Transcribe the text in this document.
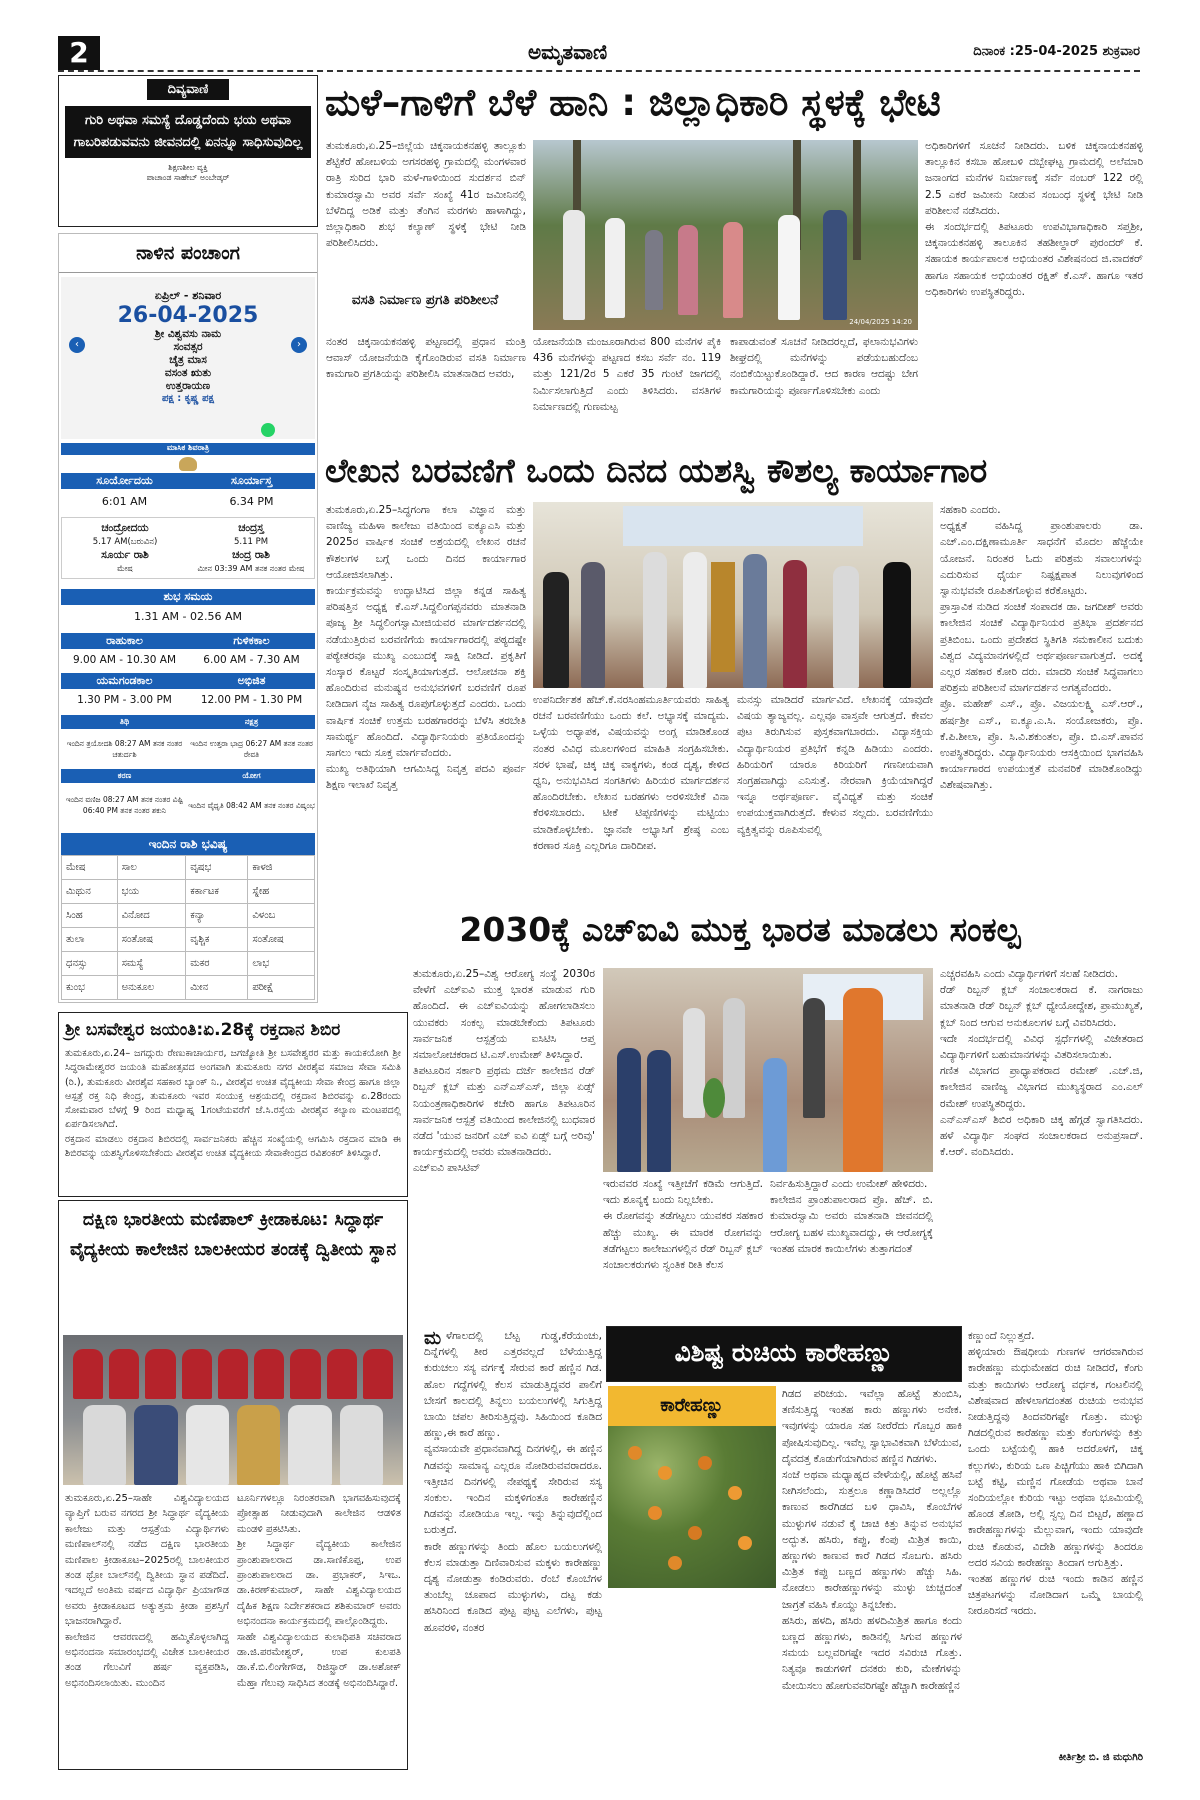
2	ಅಮೃತವಾಣಿ	ದಿನಾಂಕ :25-04-2025 ಶುಕ್ರವಾರ
ದಿವ್ಯವಾಣಿ
ಗುರಿ ಅಥವಾ ಸಮಸ್ಯೆ ದೊಡ್ಡದೆಂದು ಭಯ ಅಥವಾ ಗಾಬರಿಪಡುವವನು ಜೀವನದಲ್ಲಿ ಏನನ್ನೂ ಸಾಧಿಸುವುದಿಲ್ಲ
ಶಿಕ್ಷಣಶೀಲ ವ್ಯಕ್ತಿ
ಪಾಚಾಂಡ ಸಾಹೇಬ್ ಅಂಬೇಡ್ಕರ್
ನಾಳಿನ ಪಂಚಾಂಗ
ಏಪ್ರಿಲ್ - ಶನಿವಾರ
26-04-2025
ಶ್ರೀ ವಿಶ್ವವಸು ನಾಮ
ಸಂವತ್ಸರ
ಚೈತ್ರ ಮಾಸ
ವಸಂತ ಋತು
ಉತ್ತರಾಯಣ
ಪಕ್ಷ : ಕೃಷ್ಣ ಪಕ್ಷ
‹	›
ಮಾಸಿಕ ಶಿವರಾತ್ರಿ
ಸೂರ್ಯೋದಯ	ಸೂರ್ಯಾಸ್ತ
6:01 AM	6.34 PM
ಚಂದ್ರೋದಯ	ಚಂದ್ರಸ್ತ
5.17 AM(ಬರುವಿನ)	5.11 PM
ಸೂರ್ಯ ರಾಶಿ	ಚಂದ್ರ ರಾಶಿ
ಮೇಷ	ಮೀನ 03:39 AM ತನಕ ನಂತರ ಮೇಷ
ಶುಭ ಸಮಯ
1.31 AM - 02.56 AM
ರಾಹುಕಾಲ	ಗುಳಿಕಕಾಲ
9.00 AM - 10.30 AM	6.00 AM - 7.30 AM
ಯಮಗಂಡಕಾಲ	ಅಭಿಜಿತ
1.30 PM - 3.00 PM	12.00 PM - 1.30 PM
ತಿಥಿ	ನಕ್ಷತ್ರ
ಇಂದಿನ ತ್ರಯೋದಶಿ 08:27 AM ತನಕ ನಂತರ ಚತುರ್ದಶಿ
ಇಂದಿನ ಉತ್ತರಾ ಭಾದ್ರ 06:27 AM ತನಕ ನಂತರ ರೇವತಿ
ಕರಣ	ಯೋಗ
ಇಂದಿನ ವಣಿಜ 08:27 AM ತನಕ ನಂತರ ವಿಷ್ಟಿ 06:40 PM ತನಕ ನಂತರ ಶಕುನಿ
ಇಂದಿನ ವೈಧೃತಿ 08:42 AM ತನಕ ನಂತರ ವಿಷ್ಕಂಭ
ಇಂದಿನ ರಾಶಿ ಭವಿಷ್ಯ
ಮೇಷ	ಸಾಲ	ವೃಷಭ	ಕಾಳಜಿ
ಮಿಥುನ	ಭಯ	ಕರ್ಕಾಟಕ	ಸ್ನೇಹ
ಸಿಂಹ	ವಿನೋದ	ಕನ್ಯಾ	ವಿಳಂಬ
ತುಲಾ	ಸಂತೋಷ	ವೃಶ್ಚಿಕ	ಸಂತೋಷ
ಧನಸ್ಸು	ಸಮಸ್ಯೆ	ಮಕರ	ಲಾಭ
ಕುಂಭ	ಅನುಕೂಲ	ಮೀನ	ಪರೀಕ್ಷೆ
ಮಳೆ–ಗಾಳಿಗೆ ಬೆಳೆ ಹಾನಿ : ಜಿಲ್ಲಾಧಿಕಾರಿ ಸ್ಥಳಕ್ಕೆ ಭೇಟಿ
ತುಮಕೂರು,ಏ.25–ಜಿಲ್ಲೆಯ ಚಿಕ್ಕನಾಯಕನಹಳ್ಳಿ ತಾಲ್ಲೂಕು ಶೆಟ್ಟಿಕೆರೆ ಹೋಬಳಿಯ ಅಗಸರಹಳ್ಳಿ ಗ್ರಾಮದಲ್ಲಿ ಮಂಗಳವಾರ ರಾತ್ರಿ ಸುರಿದ ಭಾರಿ ಮಳೆ-ಗಾಳಿಯಿಂದ ಸುದರ್ಶನ ಬಿನ್ ಕುಮಾರಸ್ವಾಮಿ ಅವರ ಸರ್ವೆ ಸಂಖ್ಯೆ 41ರ ಜಮೀನಿನಲ್ಲಿ ಬೆಳೆದಿದ್ದ ಅಡಿಕೆ ಮತ್ತು ತೆಂಗಿನ ಮರಗಳು ಹಾಳಾಗಿದ್ದು, ಜಿಲ್ಲಾಧಿಕಾರಿ ಶುಭ ಕಲ್ಯಾಣ್ ಸ್ಥಳಕ್ಕೆ ಭೇಟಿ ನೀಡಿ ಪರಿಶೀಲಿಸಿದರು.
ವಸತಿ ನಿರ್ಮಾಣ ಪ್ರಗತಿ ಪರಿಶೀಲನೆ
ನಂತರ ಚಿಕ್ಕನಾಯಕನಹಳ್ಳಿ ಪಟ್ಟಣದಲ್ಲಿ ಪ್ರಧಾನ ಮಂತ್ರಿ ಆವಾಸ್ ಯೋಜನೆಯಡಿ ಕೈಗೊಂಡಿರುವ ವಸತಿ ನಿರ್ಮಾಣ ಕಾಮಗಾರಿ ಪ್ರಗತಿಯನ್ನು ಪರಿಶೀಲಿಸಿ ಮಾತನಾಡಿದ ಅವರು,
24/04/2025 14:20
ಯೋಜನೆಯಡಿ ಮಂಜೂರಾಗಿರುವ 800 ಮನೆಗಳ ಪೈಕಿ 436 ಮನೆಗಳನ್ನು ಪಟ್ಟಣದ ಕಸಬ ಸರ್ವೆ ನಂ. 119 ಮತ್ತು 121/2ರ 5 ಎಕರೆ 35 ಗುಂಟೆ ಜಾಗದಲ್ಲಿ ನಿರ್ಮಿಸಲಾಗುತ್ತಿದೆ ಎಂದು ತಿಳಿಸಿದರು. ವಸತಿಗಳ ನಿರ್ಮಾಣದಲ್ಲಿ ಗುಣಮಟ್ಟ
ಕಾಪಾಡುವಂತೆ ಸೂಚನೆ ನೀಡಿದರಲ್ಲದೆ, ಫಲಾನುಭವಿಗಳು ಶೀಘ್ರದಲ್ಲಿ ಮನೆಗಳನ್ನು ಪಡೆಯಬಹುದೆಂಬ ನಂಬಿಕೆಯಿಟ್ಟುಕೊಂಡಿದ್ದಾರೆ. ಆದ ಕಾರಣ ಆದಷ್ಟು ಬೇಗ ಕಾಮಗಾರಿಯನ್ನು ಪೂರ್ಣಗೊಳಿಸಬೇಕು ಎಂದು
ಅಧಿಕಾರಿಗಳಿಗೆ ಸೂಚನೆ ನೀಡಿದರು. ಬಳಿಕ ಚಿಕ್ಕನಾಯಕನಹಳ್ಳಿ ತಾಲ್ಲೂಕಿನ ಕಸಬಾ ಹೋಬಳಿ ದಬ್ಬೇಘಟ್ಟ ಗ್ರಾಮದಲ್ಲಿ ಅಲೆಮಾರಿ ಜನಾಂಗದ ಮನೆಗಳ ನಿರ್ಮಾಣಕ್ಕೆ ಸರ್ವೆ ನಂಬರ್ 122 ರಲ್ಲಿ 2.5 ಎಕರೆ ಜಮೀನು ನೀಡುವ ಸಂಬಂಧ ಸ್ಥಳಕ್ಕೆ ಭೇಟಿ ನೀಡಿ ಪರಿಶೀಲನೆ ನಡೆಸಿದರು.
ಈ ಸಂದರ್ಭದಲ್ಲಿ ತಿಪಟೂರು ಉಪವಿಭಾಗಾಧಿಕಾರಿ ಸಪ್ತಶ್ರೀ, ಚಿಕ್ಕನಾಯಕನಹಳ್ಳಿ ತಾಲೂಕಿನ ತಹಶೀಲ್ದಾರ್ ಪುರಂದರ್ ಕೆ. ಸಹಾಯಕ ಕಾರ್ಯಪಾಲಕ ಅಭಿಯಂತರ ವಿಶೇಷನಂದ ಜಿ.ವಾದಕರ್ ಹಾಗೂ ಸಹಾಯಕ ಅಭಿಯಂತರ ರಕ್ಷಿತ್ ಕೆ.ಎಸ್. ಹಾಗೂ ಇತರ ಅಧಿಕಾರಿಗಳು ಉಪಸ್ಥಿತರಿದ್ದರು.
ಲೇಖನ ಬರವಣಿಗೆ ಒಂದು ದಿನದ ಯಶಸ್ವಿ ಕೌಶಲ್ಯ ಕಾರ್ಯಾಗಾರ
ತುಮಕೂರು,ಏ.25–ಸಿದ್ಧಗಂಗಾ ಕಲಾ ವಿಜ್ಞಾನ ಮತ್ತು ವಾಣಿಜ್ಯ ಮಹಿಳಾ ಕಾಲೇಜು ವತಿಯಿಂದ ಐಕ್ಯೂಎಸಿ ಮತ್ತು 2025ರ ವಾರ್ಷಿಕ ಸಂಚಿಕೆ ಅಶ್ರಯದಲ್ಲಿ ಲೇಖನ ರಚನೆ ಕೌಶಲಗಳ ಬಗ್ಗೆ ಒಂದು ದಿನದ ಕಾರ್ಯಾಗಾರ ಆಯೋಜಿಸಲಾಗಿತ್ತು.
ಕಾರ್ಯಕ್ರಮವನ್ನು ಉದ್ಘಾಟಿಸಿದ ಜಿಲ್ಲಾ ಕನ್ನಡ ಸಾಹಿತ್ಯ ಪರಿಷತ್ತಿನ ಅಧ್ಯಕ್ಷ ಕೆ.ಎಸ್.ಸಿದ್ದಲಿಂಗಪ್ಪನವರು ಮಾತನಾಡಿ ಪೂಜ್ಯ ಶ್ರೀ ಸಿದ್ಧಲಿಂಗಸ್ವಾಮೀಜಿಯವರ ಮಾರ್ಗದರ್ಶನದಲ್ಲಿ ನಡೆಯುತ್ತಿರುವ ಬರವಣಿಗೆಯ ಕಾರ್ಯಾಗಾರದಲ್ಲಿ ಪಠ್ಯದಷ್ಟೇ ಪಠ್ಯೇತರವೂ ಮುಖ್ಯ ಎಂಬುದಕ್ಕೆ ಸಾಕ್ಷಿ ನೀಡಿದೆ. ಪ್ರಕೃತಿಗೆ ಸಂಸ್ಕಾರ ಕೊಟ್ಟರೆ ಸಂಸ್ಕೃತಿಯಾಗುತ್ತದೆ. ಆಲೋಚನಾ ಶಕ್ತಿ ಹೊಂದಿರುವ ಮನುಷ್ಯನ ಅನುಭವಗಳಿಗೆ ಬರವಣಿಗೆ ರೂಪ ನೀಡಿದಾಗ ನೈಜ ಸಾಹಿತ್ಯ ರೂಪುಗೊಳ್ಳುತ್ತದೆ ಎಂದರು. ಒಂದು ವಾರ್ಷಿಕ ಸಂಚಿಕೆ ಉತ್ತಮ ಬರಹಗಾರರನ್ನು ಬೆಳೆಸಿ ತರಬೇತಿ ಸಾಮರ್ಥ್ಯ ಹೊಂದಿದೆ. ವಿದ್ಯಾರ್ಥಿನಿಯರು ಪ್ರತಿಯೊಂದನ್ನು ಸಾಗಲು ಇದು ಸೂಕ್ತ ಮಾರ್ಗವೆಂದರು.
ಮುಖ್ಯ ಅತಿಥಿಯಾಗಿ ಆಗಮಿಸಿದ್ದ ನಿವೃತ್ತ ಪದವಿ ಪೂರ್ವ ಶಿಕ್ಷಣ ಇಲಾಖೆ ನಿವೃತ್ತ
ಉಪನಿರ್ದೇಶಕ ಹೆಚ್.ಕೆ.ನರಸಿಂಹಮೂರ್ತಿಯವರು ಸಾಹಿತ್ಯ ರಚನೆ ಬರವಣಿಗೆಯು ಒಂದು ಕಲೆ. ಅಭ್ಯಾಸಕ್ಕೆ ಮಾದ್ಯಮ. ಒಳ್ಳೆಯ ಅಧ್ಯಾಪಕ, ವಿಷಯವನ್ನು ಅಂಗ್ಲ ಮಾಡಿಕೊಂಡ ನಂತರ ವಿವಿಧ ಮೂಲಗಳಿಂದ ಮಾಹಿತಿ ಸಂಗ್ರಹಿಸಬೇಕು. ಸರಳ ಭಾಷೆ, ಚಿಕ್ಕ ಚಿಕ್ಕ ವಾಕ್ಯಗಳು, ಕಂಡ ದೃಶ್ಯ, ಕೇಳಿದ ಧ್ವನಿ, ಅನುಭವಿಸಿದ ಸಂಗತಿಗಳು ಹಿರಿಯರ ಮಾರ್ಗದರ್ಶನ ಹೊಂದಿರಬೇಕು. ಲೇಖನ ಬರಹಗಳು ಅರಳಿಸಬೇಕೆ ವಿನಾ ಕೆರಳಿಸಬಾರದು. ಟೀಕೆ ಟಿಪ್ಪಣಿಗಳನ್ನು ಮಟ್ಟಿಯು ಮಾಡಿಕೊಳ್ಳಬೇಕು. ಜ್ಞಾನವೇ ಅಭ್ಯಾಸಿಗೆ ಶ್ರೇಷ್ಠ ಎಂಬ ಕರಣಾರ ಸೂಕ್ತಿ ಎಲ್ಲರಿಗೂ ದಾರಿದೀಪ.
ಮನಸ್ಸು ಮಾಡಿದರೆ ಮಾರ್ಗವಿದೆ. ಲೇಖನಕ್ಕೆ ಯಾವುದೇ ವಿಷಯ ತ್ಯಾಜ್ಯವಲ್ಲ. ಎಲ್ಲವೂ ವಾಸ್ತವೇ ಆಗುತ್ತದೆ. ಕೇವಲ ಪುಟ ತಿರುಗಿಸುವ ಪುಸ್ತಕವಾಗಬಾರದು. ವಿದ್ಯಾಸಕ್ತಿಯ ವಿದ್ಯಾರ್ಥಿನಿಯರ ಪ್ರತಿಭೆಗೆ ಕನ್ನಡಿ ಹಿಡಿಯು ಎಂದರು. ಹಿರಿಯರಿಗೆ ಯಾರೂ ಕಿರಿಯರಿಗೆ ಗಣನೀಯವಾಗಿ ಸಂಗ್ರಹವಾಗಿದ್ದು ಎನಿಸುತ್ತೆ. ನೇರವಾಗಿ ಕ್ರಿಯೆಯಾಗಿದ್ದರೆ ಇನ್ನೂ ಅರ್ಥಪೂರ್ಣ. ವೈವಿಧ್ಯತೆ ಮತ್ತು ಸಂಚಿಕೆ ಉಪಯುಕ್ತವಾಗಿರುತ್ತದೆ. ಕೇಳುವ ಸಲ್ಲದು. ಬರವಣಿಗೆಯು ವ್ಯಕ್ತಿತ್ವವನ್ನು ರೂಪಿಸುವಲ್ಲಿ
ಸಹಕಾರಿ ಎಂದರು.
ಅಧ್ಯಕ್ಷತೆ ವಹಿಸಿದ್ದ ಪ್ರಾಂಶುಪಾಲರು ಡಾ. ಎಚ್.ಎಂ.ದಕ್ಷಿಣಾಮೂರ್ತಿ ಸಾಧನೆಗೆ ಮೊದಲ ಹೆಜ್ಜೆಯೇ ಯೋಜನೆ. ನಿರಂತರ ಓದು ಪರಿಶ್ರಮ ಸವಾಲುಗಳನ್ನು ಎದುರಿಸುವ ಧೈರ್ಯ ನಿಷ್ಪಕ್ಷಪಾತ ನಿಲುವುಗಳಿಂದ ಸ್ವಾನುಭವವೇ ರೂಪಿತಗೊಳ್ಳುವ ಕರೆಕೊಟ್ಟರು.
ಪ್ರಾಸ್ತಾವಿಕ ನುಡಿದ ಸಂಚಿಕೆ ಸಂಪಾದಕ ಡಾ. ಜಗದೀಶ್ ಅವರು ಕಾಲೇಜಿನ ಸಂಚಿಕೆ ವಿದ್ಯಾರ್ಥಿನಿಯರ ಪ್ರತಿಭಾ ಪ್ರದರ್ಶನದ ಪ್ರತಿಬಿಂಬ. ಒಂದು ಪ್ರದೇಶದ ಸ್ಥಿತಿಗತಿ ಸಮಕಾಲೀನ ಬದುಕು ವಿಶ್ವದ ವಿದ್ಯಮಾನಗಳಲ್ಲಿದೆ ಅರ್ಥಪೂರ್ಣವಾಗುತ್ತದೆ. ಅದಕ್ಕೆ ಎಲ್ಲರ ಸಹಕಾರ ಕೋರಿ ದರು. ಮಾದರಿ ಸಂಚಿಕೆ ಸಿದ್ಧವಾಗಲು ಪರಿಶ್ರಮ ಪರಿಶೀಲನೆ ಮಾರ್ಗದರ್ಶನ ಅಗತ್ಯವೆಂದರು.
ಪ್ರೊ. ಮಹೇಶ್ ಎಸ್., ಪ್ರೊ. ವಿಜಯಲಕ್ಷ್ಮಿ ಎಸ್.ಆರ್., ಹರ್ಷಶ್ರೀ ಎಸ್., ಐ.ಕ್ಯೂ.ಎ.ಸಿ. ಸಂಯೋಜಕರು, ಪ್ರೊ. ಕೆ.ಪಿ.ಶೀಲಾ, ಪ್ರೊ. ಸಿ.ವಿ.ಶಕುಂತಲ, ಪ್ರೊ. ಬಿ.ಎಸ್.ಪಾವನ ಉಪಸ್ಥಿತರಿದ್ದರು. ವಿದ್ಯಾರ್ಥಿನಿಯರು ಆಸಕ್ತಿಯಿಂದ ಭಾಗವಹಿಸಿ ಕಾರ್ಯಾಗಾರದ ಉಪಯುಕ್ತತೆ ಮನವರಿಕೆ ಮಾಡಿಕೊಂಡಿದ್ದು ವಿಶೇಷವಾಗಿತ್ತು.
2030ಕ್ಕೆ ಎಚ್‌ಐವಿ ಮುಕ್ತ ಭಾರತ ಮಾಡಲು ಸಂಕಲ್ಪ
ತುಮಕೂರು,ಏ.25–ವಿಶ್ವ ಆರೋಗ್ಯ ಸಂಸ್ಥೆ 2030ರ ವೇಳೆಗೆ ಎಚ್‌ಐವಿ ಮುಕ್ತ ಭಾರತ ಮಾಡುವ ಗುರಿ ಹೊಂದಿದೆ. ಈ ಎಚ್‌ಐವಿಯನ್ನು ಹೋಗಲಾಡಿಸಲು ಯುವಕರು ಸಂಕಲ್ಪ ಮಾಡಬೇಕೆಂದು ತಿಪಟೂರು ಸಾರ್ವಜನಿಕ ಆಸ್ಪತ್ರೆಯ ಐಸಿಟಿಸಿ ಆಪ್ತ ಸಮಾಲೋಚಕರಾದ ಟಿ.ಎಸ್.ಉಮೇಶ್ ತಿಳಿಸಿದ್ದಾರೆ.
ತಿಪಟೂರಿನ ಸರ್ಕಾರಿ ಪ್ರಥಮ ದರ್ಜೆ ಕಾಲೇಜಿನ ರೆಡ್ ರಿಬ್ಬನ್ ಕ್ಲಬ್ ಮತ್ತು ಎನ್‌ಎಸ್‌ಎಸ್, ಜಿಲ್ಲಾ ಏಡ್ಸ್ ನಿಯಂತ್ರಣಾಧಿಕಾರಿಗಳ ಕಚೇರಿ ಹಾಗೂ ತಿಪಟೂರಿನ ಸಾರ್ವಜನಿಕ ಆಸ್ಪತ್ರೆ ವತಿಯಿಂದ ಕಾಲೇಜಿನಲ್ಲಿ ಬುಧವಾರ ನಡೆದ 'ಯುವ ಜನರಿಗೆ ಎಚ್ ಐವಿ ಏಡ್ಸ್ ಬಗ್ಗೆ ಅರಿವು' ಕಾರ್ಯಕ್ರಮದಲ್ಲಿ ಅವರು ಮಾತನಾಡಿದರು.
ಎಚ್‌ಐವಿ ಪಾಸಿಟಿವ್
ಇರುವವರ ಸಂಖ್ಯೆ ಇತ್ತೀಚೆಗೆ ಕಡಿಮೆ ಆಗುತ್ತಿದೆ. ಇದು ಶೂನ್ಯಕ್ಕೆ ಬಂದು ನಿಲ್ಲಬೇಕು.
ಈ ರೋಗವನ್ನು ತಡೆಗಟ್ಟಲು ಯುವಕರ ಸಹಕಾರ ಹೆಚ್ಚು ಮುಖ್ಯ. ಈ ಮಾರಕ ರೋಗವನ್ನು ತಡೆಗಟ್ಟಲು ಕಾಲೇಜುಗಳಲ್ಲಿನ ರೆಡ್ ರಿಬ್ಬನ್ ಕ್ಲಬ್ ಸಂಚಾಲಕರುಗಳು ಸ್ವಂತಿಕ ರೀತಿ ಕೆಲಸ
ನಿರ್ವಹಿಸುತ್ತಿದ್ದಾರೆ ಎಂದು ಉಮೇಶ್ ಹೇಳಿದರು.
ಕಾಲೇಜಿನ ಪ್ರಾಂಶುಪಾಲರಾದ ಪ್ರೊ. ಹೆಚ್. ಬಿ. ಕುಮಾರಸ್ವಾಮಿ ಅವರು ಮಾತನಾಡಿ ಜೀವನದಲ್ಲಿ ಆರೋಗ್ಯ ಬಹಳ ಮುಖ್ಯವಾದದ್ದು, ಈ ಆರೋಗ್ಯಕ್ಕೆ ಇಂತಹ ಮಾರಕ ಕಾಯಿಲೆಗಳು ತುತ್ತಾಗದಂತೆ
ಎಚ್ಚರವಹಿಸಿ ಎಂದು ವಿದ್ಯಾರ್ಥಿಗಳಿಗೆ ಸಲಹೆ ನೀಡಿದರು.
ರೆಡ್ ರಿಬ್ಬನ್ ಕ್ಲಬ್ ಸಂಚಾಲಕರಾದ ಕೆ. ನಾಗರಾಜು ಮಾತನಾಡಿ ರೆಡ್ ರಿಬ್ಬನ್ ಕ್ಲಬ್ ಧ್ಯೇಯೋದ್ದೇಶ, ಪ್ರಾಮುಖ್ಯತೆ, ಕ್ಲಬ್ ನಿಂದ ಆಗುವ ಅನುಕೂಲಗಳ ಬಗ್ಗೆ ವಿವರಿಸಿದರು.
ಇದೇ ಸಂದರ್ಭದಲ್ಲಿ ವಿವಿಧ ಸ್ಪರ್ಧೆಗಳಲ್ಲಿ ವಿಜೇತರಾದ ವಿದ್ಯಾರ್ಥಿಗಳಿಗೆ ಬಹುಮಾನಗಳನ್ನು ವಿತರಿಸಲಾಯಿತು.
ಗಣಿತ ವಿಭಾಗದ ಪ್ರಾಧ್ಯಾಪಕರಾದ ರಮೇಶ್ .ಎಚ್.ಜಿ, ಕಾಲೇಜಿನ ವಾಣಿಜ್ಯ ವಿಭಾಗದ ಮುಖ್ಯಸ್ಥರಾದ ಎಂ.ಎಲ್ ರಮೇಶ್ ಉಪಸ್ಥಿತರಿದ್ದರು.
ಎನ್‌ಎಸ್‌ಎಸ್ ಶಿಬಿರ ಅಧಿಕಾರಿ ಚಿಕ್ಕ ಹೆಗ್ಗಡೆ ಸ್ವಾಗತಿಸಿದರು. ಹಳೆ ವಿದ್ಯಾರ್ಥಿ ಸಂಘದ ಸಂಚಾಲಕರಾದ ಅನುಪ್ರಸಾದ್. ಕೆ.ಆರ್. ವಂದಿಸಿದರು.
ಶ್ರೀ ಬಸವೇಶ್ವರ ಜಯಂತಿ:ಏ.28ಕ್ಕೆ ರಕ್ತದಾನ ಶಿಬಿರ
ತುಮಕೂರು,ಏ.24– ಜಗದ್ಗುರು ರೇಣುಕಾಚಾರ್ಯರ, ಜಗಜ್ಯೋತಿ ಶ್ರೀ ಬಸವೇಶ್ವರರ ಮತ್ತು ಕಾಯಕಯೋಗಿ ಶ್ರೀ ಸಿದ್ಧರಾಮೇಶ್ವರರ ಜಯಂತಿ ಮಹೋತ್ಸವದ ಅಂಗವಾಗಿ ತುಮಕೂರು ನಗರ ವೀರಶೈವ ಸಮಾಜ ಸೇವಾ ಸಮಿತಿ (ರಿ.), ತುಮಕೂರು ವೀರಶೈವ ಸಹಕಾರ ಬ್ಯಾಂಕ್ ನಿ., ವೀರಶೈವ ಉಚಿತ ವೈದ್ಯಕೀಯ ಸೇವಾ ಕೇಂದ್ರ ಹಾಗೂ ಜಿಲ್ಲಾ ಆಸ್ಪತ್ರೆ ರಕ್ತ ನಿಧಿ ಕೇಂದ್ರ, ತುಮಕೂರು ಇವರ ಸಂಯುಕ್ತ ಆಶ್ರಯದಲ್ಲಿ ರಕ್ತದಾನ ಶಿಬಿರವನ್ನು ಏ.28ರಂದು ಸೋಮವಾರ ಬೆಳಗ್ಗೆ 9 ರಿಂದ ಮಧ್ಯಾಹ್ನ 1ಗಂಟೆಯವರೆಗೆ ಜೆ.ಸಿ.ರಸ್ತೆಯ ವೀರಶೈವ ಕಲ್ಯಾಣ ಮಂಟಪದಲ್ಲಿ ಏರ್ಪಡಿಸಲಾಗಿದೆ.
ರಕ್ತದಾನ ಮಾಡಲು ರಕ್ತದಾನ ಶಿಬಿರದಲ್ಲಿ ಸಾರ್ವಜನಿಕರು ಹೆಚ್ಚಿನ ಸಂಖ್ಯೆಯಲ್ಲಿ ಆಗಮಿಸಿ ರಕ್ತದಾನ ಮಾಡಿ ಈ ಶಿಬಿರವನ್ನು ಯಶಸ್ವಿಗೊಳಿಸಬೇಕೆಂದು ವೀರಶೈವ ಉಚಿತ ವೈದ್ಯಕೀಯ ಸೇವಾಕೇಂದ್ರದ ರವಿಶಂಕರ್ ತಿಳಿಸಿದ್ದಾರೆ.
ದಕ್ಷಿಣ ಭಾರತೀಯ ಮಣಿಪಾಲ್ ಕ್ರೀಡಾಕೂಟ: ಸಿದ್ಧಾರ್ಥ ವೈದ್ಯಕೀಯ ಕಾಲೇಜಿನ ಬಾಲಕೀಯರ ತಂಡಕ್ಕೆ ದ್ವಿತೀಯ ಸ್ಥಾನ
ತುಮಕೂರು,ಏ.25–ಸಾಹೇ ವಿಶ್ವವಿದ್ಯಾಲಯದ ವ್ಯಾಪ್ತಿಗೆ ಬರುವ ನಗರದ ಶ್ರೀ ಸಿದ್ಧಾರ್ಥ ವೈದ್ಯಕೀಯ ಕಾಲೇಜು ಮತ್ತು ಆಸ್ಪತ್ರೆಯ ವಿದ್ಯಾರ್ಥಿಗಳು ಮಣಿಪಾಲ್‌ನಲ್ಲಿ ನಡೆದ ದಕ್ಷಿಣ ಭಾರತೀಯ ಮಣಿಪಾಲ ಕ್ರೀಡಾಕೂಟ–2025ರಲ್ಲಿ ಬಾಲಕೀಯರ ತಂಡ ಥ್ರೋ ಬಾಲ್‌ನಲ್ಲಿ ದ್ವಿತೀಯ ಸ್ಥಾನ ಪಡೆದಿದೆ. ಇದಲ್ಲದೆ ಅಂತಿಮ ವರ್ಷದ ವಿದ್ಯಾರ್ಥಿ ಪ್ರಿಯಾಗೌಡ ಅವರು ಕ್ರೀಡಾಕೂಟದ ಅತ್ಯುತ್ತಮ ಕ್ರೀಡಾ ಪ್ರಶಸ್ತಿಗೆ ಭಾಜನರಾಗಿದ್ದಾರೆ.
ಕಾಲೇಜಿನ ಆವರಣದಲ್ಲಿ ಹಮ್ಮಿಕೊಳ್ಳಲಾಗಿದ್ದ ಅಭಿನಂದನಾ ಸಮಾರಂಭದಲ್ಲಿ ವಿಜೇತ ಬಾಲಕೀಯರ ತಂಡ ಗೆಲುವಿಗೆ ಹರ್ಷ ವ್ಯಕ್ತಪಡಿಸಿ, ಅಭಿನಂದಿಸಲಾಯಿತು. ಮುಂದಿನ
ಟೂರ್ನಿಗಳಲ್ಲೂ ನಿರಂತರವಾಗಿ ಭಾಗವಹಿಸುವುದಕ್ಕೆ ಪ್ರೋತ್ಸಾಹ ನೀಡುವುದಾಗಿ ಕಾಲೇಜಿನ ಆಡಳಿತ ಮಂಡಳಿ ಪ್ರಕಟಿಸಿತು.
ಶ್ರೀ ಸಿದ್ಧಾರ್ಥ ವೈದ್ಯಕೀಯ ಕಾಲೇಜಿನ ಪ್ರಾಂಶುಪಾಲರಾದ ಡಾ.ಸಾಣಿಕೊಪ್ಪ, ಉಪ ಪ್ರಾಂಶುಪಾಲರಾದ ಡಾ. ಪ್ರಭಾಕರ್, ಸಿಇಒ. ಡಾ.ಕಿರಣ್‌ಕುಮಾರ್, ಸಾಹೇ ವಿಶ್ವವಿದ್ಯಾಲಯದ ದೈಹಿಕ ಶಿಕ್ಷಣ ನಿರ್ದೇಶಕರಾದ ಶಶಿಕುಮಾರ್ ಅವರು ಅಭಿನಂದನಾ ಕಾರ್ಯಕ್ರಮದಲ್ಲಿ ಪಾಲ್ಗೊಂಡಿದ್ದರು.
ಸಾಹೇ ವಿಶ್ವವಿದ್ಯಾಲಯದ ಕುಲಾಧಿಪತಿ ಸಚಿವರಾದ ಡಾ.ಜಿ.ಪರಮೇಶ್ವರ್, ಉಪ ಕುಲಪತಿ ಡಾ.ಕೆ.ಬಿ.ಲಿಂಗೇಗೌಡ, ರಿಜಿಸ್ಟ್ರಾರ್ ಡಾ.ಅಶೋಕ್ ಮೆಹ್ತಾ ಗೆಲುವು ಸಾಧಿಸಿದ ತಂಡಕ್ಕೆ ಅಭಿನಂದಿಸಿದ್ದಾರೆ.
ಮ ಳೆಗಾಲದಲ್ಲಿ ಬೆಟ್ಟ ಗುಡ್ಡ,ಕೆರೆಯಂಚು, ದಿನ್ನೆಗಳಲ್ಲಿ ತೀರ ಎತ್ತರವಲ್ಲದೆ ಬೆಳೆಯುತ್ತಿದ್ದ ಕುರುಚಲು ಸಸ್ಯ ವರ್ಗಕ್ಕೆ ಸೇರುವ ಕಾರೆ ಹಣ್ಣಿನ ಗಿಡ. ಹೊಲ ಗದ್ದೆಗಳಲ್ಲಿ ಕೆಲಸ ಮಾಡುತ್ತಿದ್ದವರ ಪಾಲಿಗೆ ಬೇಸಗೆ ಕಾಲದಲ್ಲಿ ತಿನ್ನಲು ಬಯಲುಗಳಲ್ಲಿ ಸಿಗುತ್ತಿದ್ದ ಬಾಯಿ ಚಪಲ ತೀರಿಸುತ್ತಿದ್ದವು. ಸಿಹಿಯಿಂದ ಕೂಡಿದ ಹಣ್ಣು,ಈ ಕಾರೆ ಹಣ್ಣು.
ವ್ಯವಸಾಯವೇ ಪ್ರಧಾನವಾಗಿದ್ದ ದಿನಗಳಲ್ಲಿ, ಈ ಹಣ್ಣಿನ ಗಿಡವನ್ನು ಸಾಮಾನ್ಯ ಎಲ್ಲರೂ ನೋಡಿರುವವರಾದರೂ. ಇತ್ತೀಚಿನ ದಿನಗಳಲ್ಲಿ ನೇಪಥ್ಯಕ್ಕೆ ಸೇರಿರುವ ಸಸ್ಯ ಸಂಕುಲ. ಇಂದಿನ ಮಕ್ಕಳಿಗಂತೂ ಕಾರೇಹಣ್ಣಿನ ಗಿಡವನ್ನು ನೋಡಿಯೂ ಇಲ್ಲ. ಇನ್ನು ತಿನ್ನುವುದೆಲ್ಲಿಂದ ಬರುತ್ತದೆ.
ಕಾರೇ ಹಣ್ಣುಗಳನ್ನು ತಿಂದು ಹೊಲ ಬಯಲುಗಳಲ್ಲಿ ಕೆಲಸ ಮಾಡುತ್ತಾ ದಿಣಿವಾರಿಸುವ ಮಕ್ಕಳು ಕಾರೇಹಣ್ಣು ದೃಶ್ಯ ನೋಡುತ್ತಾ ಕಂಡಿರುವರು. ರೆಂಬೆ ಕೊಂಬೆಗಳ ತುಂಬೆಲ್ಲ ಚೂಪಾದ ಮುಳ್ಳುಗಳು, ದಟ್ಟ ಕಡು ಹಸಿರಿನಿಂದ ಕೂಡಿದ ಪುಟ್ಟ ಪುಟ್ಟ ಎಲೆಗಳು, ಪುಟ್ಟ ಹೂವರಳಿ, ನಂತರ
ವಿಶಿಷ್ಟ ರುಚಿಯ ಕಾರೇಹಣ್ಣು
ಕಾರೇಹಣ್ಣು
ಗಿಡದ ಪರಿಚಯ. ಇವೆಲ್ಲಾ ಹೊಟ್ಟೆ ತುಂಬಿಸಿ, ತಣಿಸುತ್ತಿದ್ದ ಇಂತಹ ಕಾರು ಹಣ್ಣುಗಳು ಅನೇಕ. ಇವುಗಳನ್ನು ಯಾರೂ ಸಹ ನೀರೆರೆದು ಗೊಬ್ಬರ ಹಾಕಿ ಪೋಷಿಸುವುದಿಲ್ಲ. ಇವೆಲ್ಲ ಸ್ವಾಭಾವಿಕವಾಗಿ ಬೆಳೆಯುವ, ದೈವದತ್ತ ಕೊಡುಗೆಯಾಗಿರುವ ಹಣ್ಣಿನ ಗಿಡಗಳು.
ಸಂಜೆ ಅಥವಾ ಮಧ್ಯಾಹ್ನದ ವೇಳೆಯಲ್ಲಿ, ಹೊಟ್ಟೆ ಹಸಿವೆ ನೀಗಿಸಲೆಂದು, ಸುತ್ತಲೂ ಕಣ್ಣಾಡಿಸಿದರೆ ಅಲ್ಲಲ್ಲೊ ಕಾಣುವ ಕಾರೆಗಿಡದ ಬಳಿ ಧಾವಿಸಿ, ಕೊಂಬೆಗಳ ಮುಳ್ಳುಗಳ ನಡುವೆ ಕೈ ಚಾಚಿ ಕಿತ್ತು ತಿನ್ನುವ ಅನುಭವ ಅದ್ಭುತ. ಹಸಿರು, ಕಪ್ಪು, ಕೆಂಪು ಮಿಶ್ರಿತ ಕಾಯಿ, ಹಣ್ಣುಗಳು ಕಾಣುವ ಕಾರೆ ಗಿಡದ ಸೊಬಗು. ಹಸಿರು ಮಿಶ್ರಿತ ಕಪ್ಪು ಬಣ್ಣದ ಹಣ್ಣುಗಳು ಹೆಚ್ಚು ಸಿಹಿ. ನೋಡಲು ಕಾರೇಹಣ್ಣುಗಳನ್ನು ಮುಳ್ಳು ಚುಚ್ಚದಂತೆ ಜಾಗ್ರತೆ ವಹಿಸಿ ಕೊಯ್ದು ತಿನ್ನಬೇಕು.
ಹಸಿರು, ಹಳದಿ, ಹಸಿರು ಹಳದಿಮಿಶ್ರಿತ ಹಾಗೂ ಕಂದು ಬಣ್ಣದ ಹಣ್ಣುಗಳು, ಕಾಡಿನಲ್ಲಿ ಸಿಗುವ ಹಣ್ಣುಗಳ ಸಮಯ ಬಲ್ಲವರಿಗಷ್ಟೇ ಇದರ ಸವಿರುಚಿ ಗೊತ್ತು. ನಿತ್ಯವೂ ಕಾಡುಗಳಿಗೆ ದನಕರು ಕುರಿ, ಮೇಕೆಗಳನ್ನು ಮೇಯಿಸಲು ಹೋಗುವವರಿಗಷ್ಟೇ ಹೆಚ್ಚಾಗಿ ಕಾರೇಹಣ್ಣಿನ
ಕಣ್ಣುಂದೆ ನಿಲ್ಲುತ್ತದೆ.
ಹಳ್ಳಿಯಾರು ಔಷಧೀಯ ಗುಣಗಳ ಆಗರವಾಗಿರುವ ಕಾರೇಹಣ್ಣು ಮಧುಮೇಹದ ರುಚಿ ನೀಡಿದರೆ, ಕೆಂಗು ಮತ್ತು ಕಾಯಿಗಳು ಆರೋಗ್ಯ ವರ್ಧಕ, ಗಂಟಲಿನಲ್ಲಿ ವಿಶೇಷವಾದ ಹೇಳಲಾಗದಂತಹ ರುಚಿಯ ಅನುಭವ ನೀಡುತ್ತಿದ್ದವು ತಿಂದವರಿಗಷ್ಟೇ ಗೊತ್ತು. ಮುಳ್ಳು ಗಿಡದಲ್ಲಿರುವ ಕಾರೆಹಣ್ಣು ಮತ್ತು ಕೆಂಗುಗಳನ್ನು ಕಿತ್ತು ಒಂದು ಬಟ್ಟೆಯಲ್ಲಿ ಹಾಕಿ ಅದರೊಳಗೆ, ಚಿಕ್ಕ ಕಲ್ಲುಗಳು, ಕುರಿಯ ಒಣ ಪಿಚ್ಚಿಗೆಯು ಹಾಕಿ ಬಿಗಿದಾಗಿ ಬಟ್ಟೆ ಕಟ್ಟಿ, ಮಣ್ಣಿನ ಗೋಡೆಯ ಅಥವಾ ಬಾನೆ ಸಂದಿಯಲ್ಲೋ ಕುರಿಯ ಇಟ್ಟು ಅಥವಾ ಭೂಮಿಯಲ್ಲಿ ಹೊಂಡ ತೋಡಿ, ಅಲ್ಲಿ ಸ್ವಲ್ಪ ದಿನ ಬಿಟ್ಟರೆ, ಹಣ್ಣಾದ ಕಾರೇಹಣ್ಣುಗಳನ್ನು ಮೆಲ್ಲುವಾಗ, ಇಂದು ಯಾವುದೇ ರುಚಿ ಕೊಡುವ, ವಿದೇಶಿ ಹಣ್ಣುಗಳನ್ನು ತಿಂದರೂ ಅದರ ಸವಿಯ ಕಾರೇಹಣ್ಣು ತಿಂದಾಗ ಅಗುತ್ತಿತ್ತು.
ಇಂತಹ ಹಣ್ಣುಗಳ ರುಚಿ ಇಂದು ಕಾಡಿನ ಹಣ್ಣಿನ ಚಿತ್ರಪಟಗಳನ್ನು ನೋಡಿದಾಗ ಒಮ್ಮೆ ಬಾಯಲ್ಲಿ ನೀರೂರಿಸದೆ ಇರದು.
ಕೀರ್ತಿಶ್ರೀ ಬಿ. ಜಿ ಮಧುಗಿರಿ
